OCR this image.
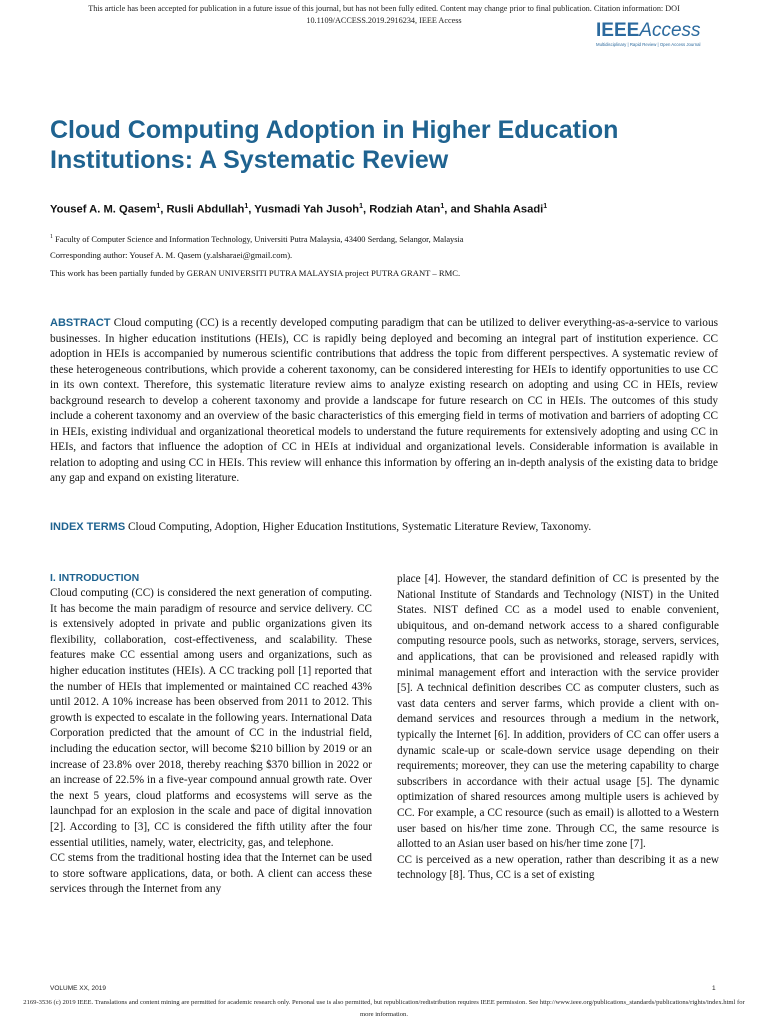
This article has been accepted for publication in a future issue of this journal, but has not been fully edited. Content may change prior to final publication. Citation information: DOI 10.1109/ACCESS.2019.2916234, IEEE Access	IEEEAccess
Multidisciplinary | Rapid Review | Open Access Journal
Cloud Computing Adoption in Higher Education Institutions: A Systematic Review
Yousef A. M. Qasem$^1$, Rusli Abdullah$^1$, Yusmadi Yah Jusoh$^1$, Rodziah Atan$^1$, and Shahla Asadi$^1$
$^1$ Faculty of Computer Science and Information Technology, Universiti Putra Malaysia, 43400 Serdang, Selangor, Malaysia
Corresponding author: Yousef A. M. Qasem (y.alsharaei@gmail.com).
This work has been partially funded by GERAN UNIVERSITI PUTRA MALAYSIA project PUTRA GRANT – RMC.
ABSTRACT Cloud computing (CC) is a recently developed computing paradigm that can be utilized to deliver everything-as-a-service to various businesses. In higher education institutions (HEIs), CC is rapidly being deployed and becoming an integral part of institution experience. CC adoption in HEIs is accompanied by numerous scientific contributions that address the topic from different perspectives. A systematic review of these heterogeneous contributions, which provide a coherent taxonomy, can be considered interesting for HEIs to identify opportunities to use CC in its own context. Therefore, this systematic literature review aims to analyze existing research on adopting and using CC in HEIs, review background research to develop a coherent taxonomy and provide a landscape for future research on CC in HEIs. The outcomes of this study include a coherent taxonomy and an overview of the basic characteristics of this emerging field in terms of motivation and barriers of adopting CC in HEIs, existing individual and organizational theoretical models to understand the future requirements for extensively adopting and using CC in HEIs, and factors that influence the adoption of CC in HEIs at individual and organizational levels. Considerable information is available in relation to adopting and using CC in HEIs. This review will enhance this information by offering an in-depth analysis of the existing data to bridge any gap and expand on existing literature.
INDEX TERMS Cloud Computing, Adoption, Higher Education Institutions, Systematic Literature Review, Taxonomy.
I. INTRODUCTION

Cloud computing (CC) is considered the next generation of computing. It has become the main paradigm of resource and service delivery. CC is extensively adopted in private and public organizations given its flexibility, collaboration, cost-effectiveness, and scalability. These features make CC essential among users and organizations, such as higher education institutes (HEIs). A CC tracking poll [1] reported that the number of HEIs that implemented or maintained CC reached 43% until 2012. A 10% increase has been observed from 2011 to 2012. This growth is expected to escalate in the following years. International Data Corporation predicted that the amount of CC in the industrial field, including the education sector, will become $210 billion by 2019 or an increase of 23.8% over 2018, thereby reaching $370 billion in 2022 or an increase of 22.5% in a five-year compound annual growth rate. Over the next 5 years, cloud platforms and ecosystems will serve as the launchpad for an explosion in the scale and pace of digital innovation [2]. According to [3], CC is considered the fifth utility after the four essential utilities, namely, water, electricity, gas, and telephone.

CC stems from the traditional hosting idea that the Internet can be used to store software applications, data, or both. A client can access these services through the Internet from any

place [4]. However, the standard definition of CC is presented by the National Institute of Standards and Technology (NIST) in the United States. NIST defined CC as a model used to enable convenient, ubiquitous, and on-demand network access to a shared configurable computing resource pools, such as networks, storage, servers, services, and applications, that can be provisioned and released rapidly with minimal management effort and interaction with the service provider [5]. A technical definition describes CC as computer clusters, such as vast data centers and server farms, which provide a client with on-demand services and resources through a medium in the network, typically the Internet [6]. In addition, providers of CC can offer users a dynamic scale-up or scale-down service usage depending on their requirements; moreover, they can use the metering capability to charge subscribers in accordance with their actual usage [5]. The dynamic optimization of shared resources among multiple users is achieved by CC. For example, a CC resource (such as email) is allotted to a Western user based on his/her time zone. Through CC, the same resource is allotted to an Asian user based on his/her time zone [7].

CC is perceived as a new operation, rather than describing it as a new technology [8]. Thus, CC is a set of existing

VOLUME XX, 2019	1
2169-3536 (c) 2019 IEEE. Translations and content mining are permitted for academic research only. Personal use is also permitted, but republication/redistribution requires IEEE permission. See http://www.ieee.org/publications_standards/publications/rights/index.html for more information.
